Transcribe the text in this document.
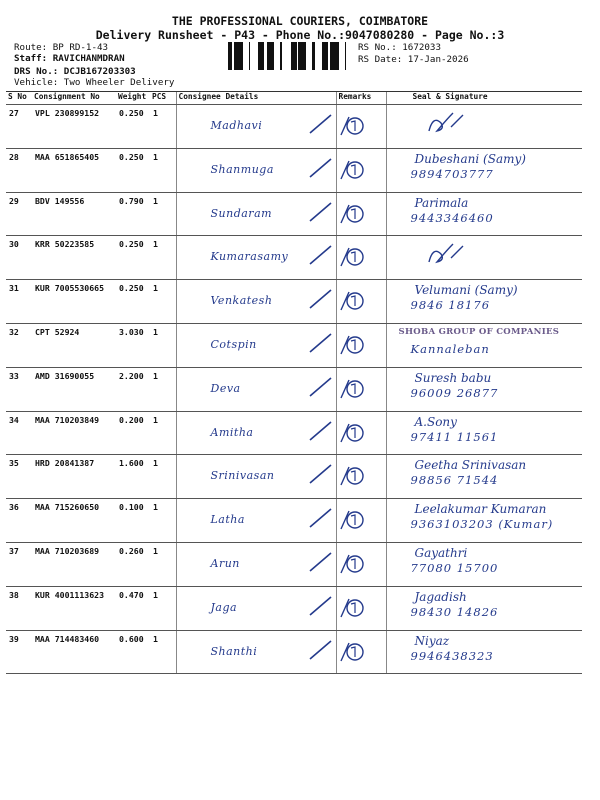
THE PROFESSIONAL COURIERS, COIMBATORE
Delivery Runsheet - P43 - Phone No.:9047080280 - Page No.:3
Route: BP RD-1-43
Staff: RAVICHANMDRAN
DRS No.: DCJB167203303
Vehicle: Two Wheeler Delivery
RS No.: 1672033
RS Date: 17-Jan-2026
S No	Consignment No	Weight	PCS	Consignee Details	Remarks	Seal & Signature
27	VPL 230899152	0.250	1	Madhavi

28	MAA 651865405	0.250	1	Shanmuga		Dubeshani (Samy)
9894703777

29	BDV 149556	0.790	1	Sundaram		Parimala
9443346460

30	KRR 50223585	0.250	1	Kumarasamy

31	KUR 7005530665	0.250	1	Venkatesh		Velumani (Samy)
9846 18176

32	CPT 52924	3.030	1	Cotspin		Kannaleban
SHOBA GROUP OF COMPANIES

33	AMD 31690055	2.200	1	Deva		Suresh babu
96009 26877

34	MAA 710203849	0.200	1	Amitha		A.Sony
97411 11561

35	HRD 20841387	1.600	1	Srinivasan		Geetha Srinivasan
98856 71544

36	MAA 715260650	0.100	1	Latha		Leelakumar Kumaran
9363103203 (Kumar)

37	MAA 710203689	0.260	1	Arun		Gayathri
77080 15700

38	KUR 4001113623	0.470	1	Jaga		Jagadish
98430 14826

39	MAA 714483460	0.600	1	Shanthi		Niyaz
9946438323
